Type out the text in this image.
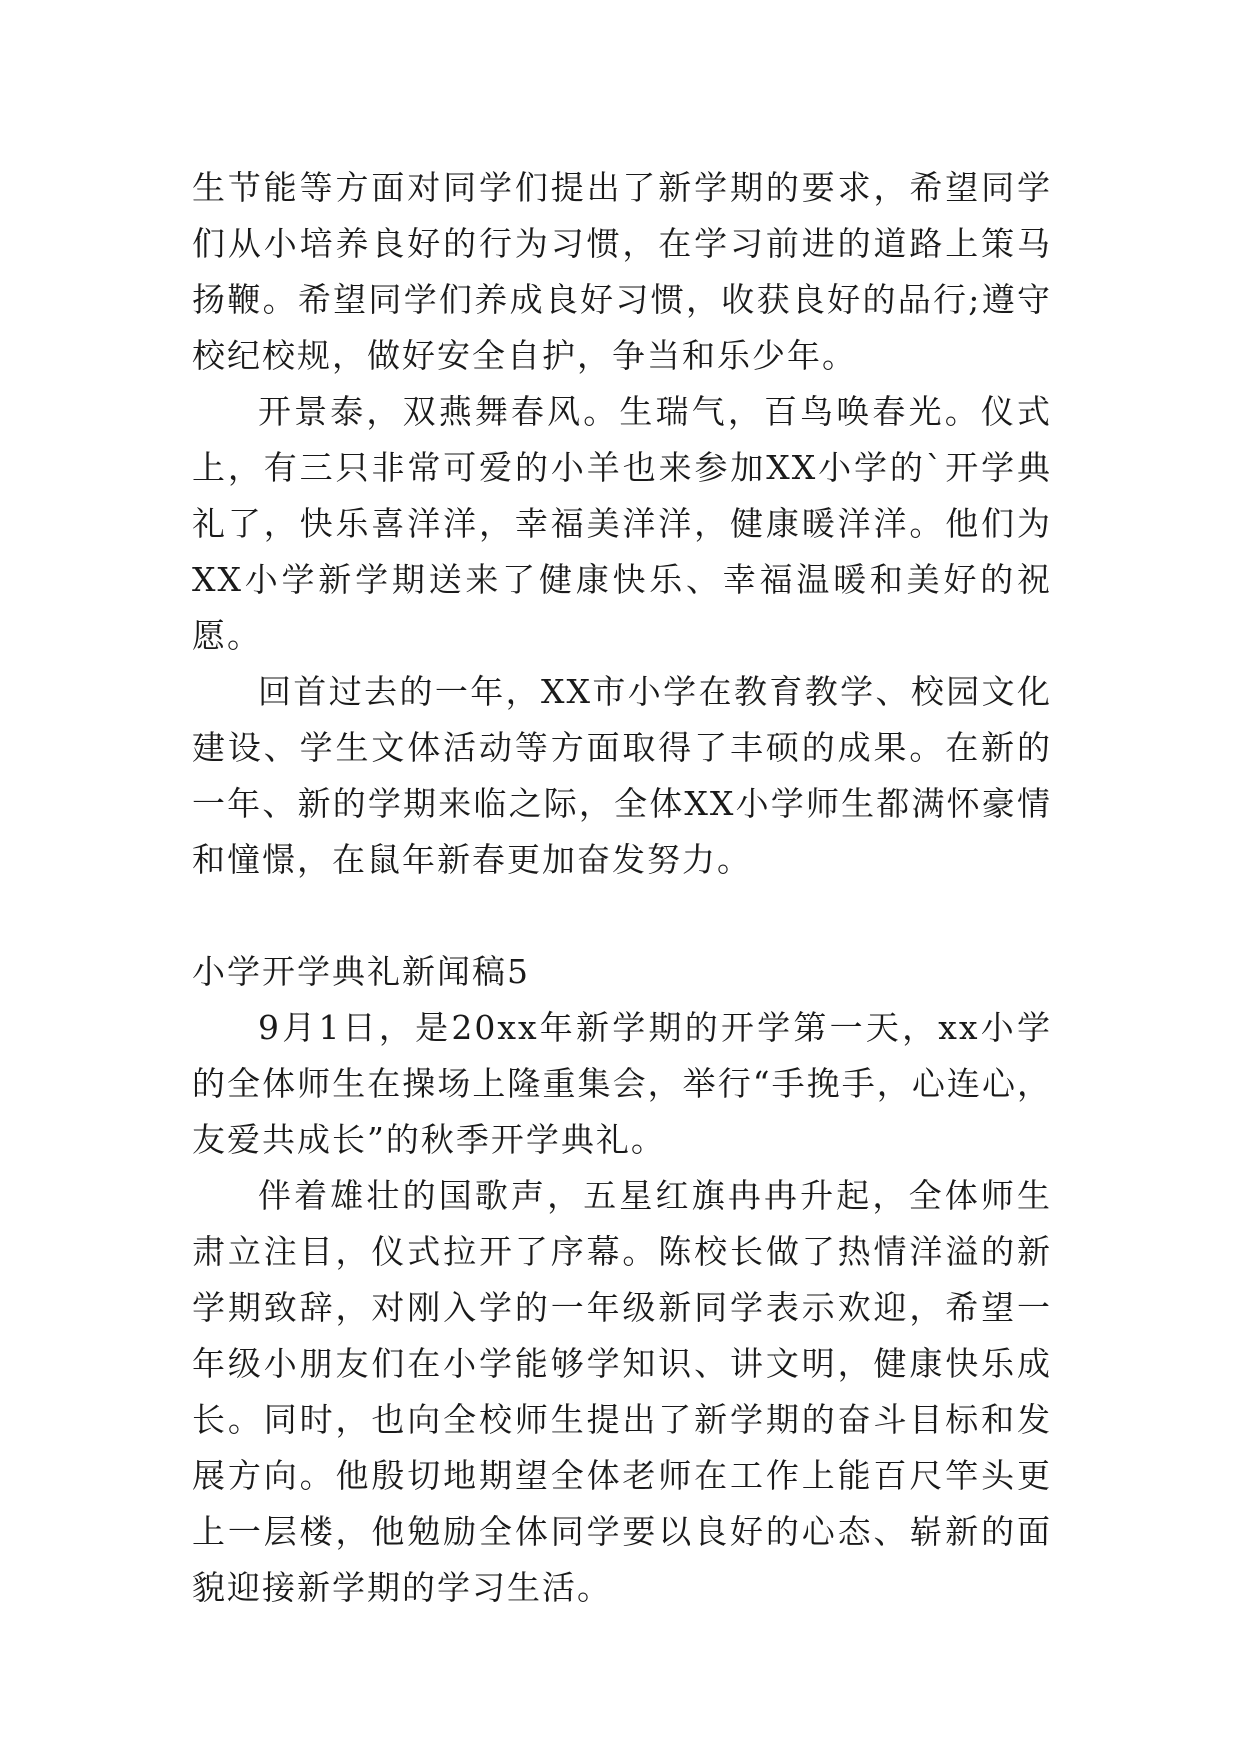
生节能等方面对同学们提出了新学期的要求，希望同学们从小培养良好的行为习惯，在学习前进的道路上策马扬鞭。希望同学们养成良好习惯，收获良好的品行;遵守校纪校规，做好安全自护，争当和乐少年。

开景泰，双燕舞春风。生瑞气，百鸟唤春光。仪式上，有三只非常可爱的小羊也来参加XX小学的`开学典礼了，快乐喜洋洋，幸福美洋洋，健康暖洋洋。他们为XX小学新学期送来了健康快乐、幸福温暖和美好的祝愿。

回首过去的一年，XX市小学在教育教学、校园文化建设、学生文体活动等方面取得了丰硕的成果。在新的一年、新的学期来临之际，全体XX小学师生都满怀豪情和憧憬，在鼠年新春更加奋发努力。

小学开学典礼新闻稿5

9月1日，是20xx年新学期的开学第一天，xx小学的全体师生在操场上隆重集会，举行“手挽手，心连心，友爱共成长”的秋季开学典礼。

伴着雄壮的国歌声，五星红旗冉冉升起，全体师生肃立注目，仪式拉开了序幕。陈校长做了热情洋溢的新学期致辞，对刚入学的一年级新同学表示欢迎，希望一年级小朋友们在小学能够学知识、讲文明，健康快乐成长。同时，也向全校师生提出了新学期的奋斗目标和发展方向。他殷切地期望全体老师在工作上能百尺竿头更上一层楼，他勉励全体同学要以良好的心态、崭新的面貌迎接新学期的学习生活。
